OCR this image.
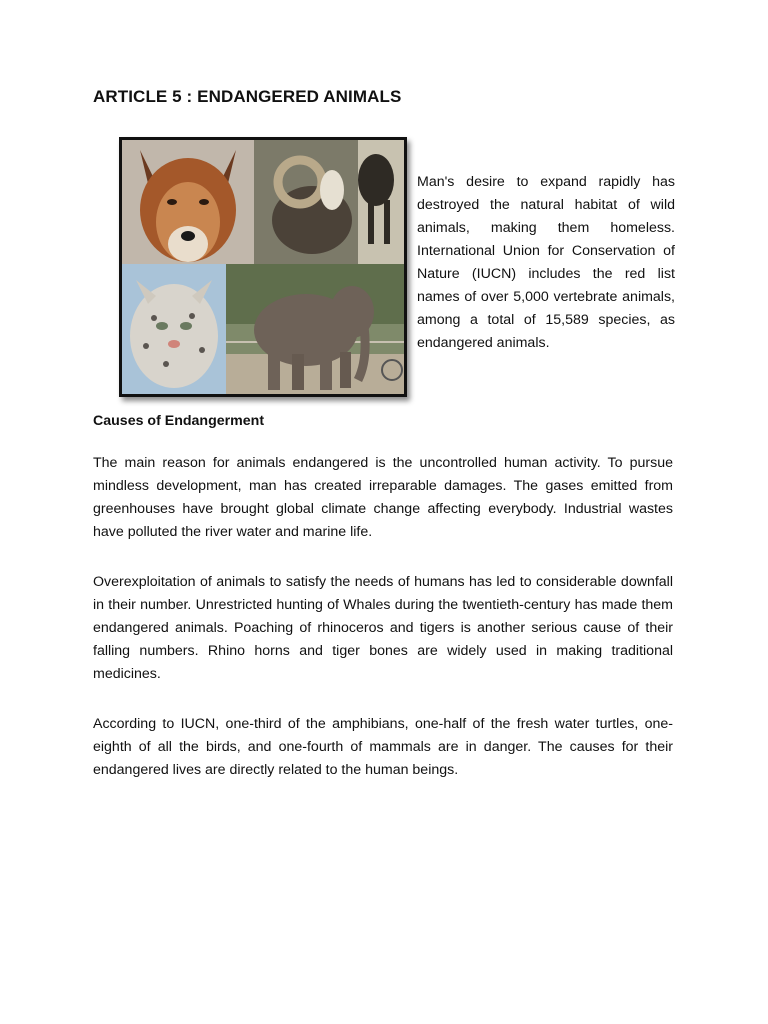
ARTICLE 5 : ENDANGERED ANIMALS

Man's desire to expand rapidly has destroyed the natural habitat of wild animals, making them homeless. International Union for Conservation of Nature (IUCN) includes the red list names of over 5,000 vertebrate animals, among a total of 15,589 species, as endangered animals.

Causes of Endangerment

The main reason for animals endangered is the uncontrolled human activity. To pursue mindless development, man has created irreparable damages. The gases emitted from greenhouses have brought global climate change affecting everybody. Industrial wastes have polluted the river water and marine life.

Overexploitation of animals to satisfy the needs of humans has led to considerable downfall in their number. Unrestricted hunting of Whales during the twentieth-century has made them endangered animals. Poaching of rhinoceros and tigers is another serious cause of their falling numbers. Rhino horns and tiger bones are widely used in making traditional medicines.

According to IUCN, one-third of the amphibians, one-half of the fresh water turtles, one-eighth of all the birds, and one-fourth of mammals are in danger. The causes for their endangered lives are directly related to the human beings.
